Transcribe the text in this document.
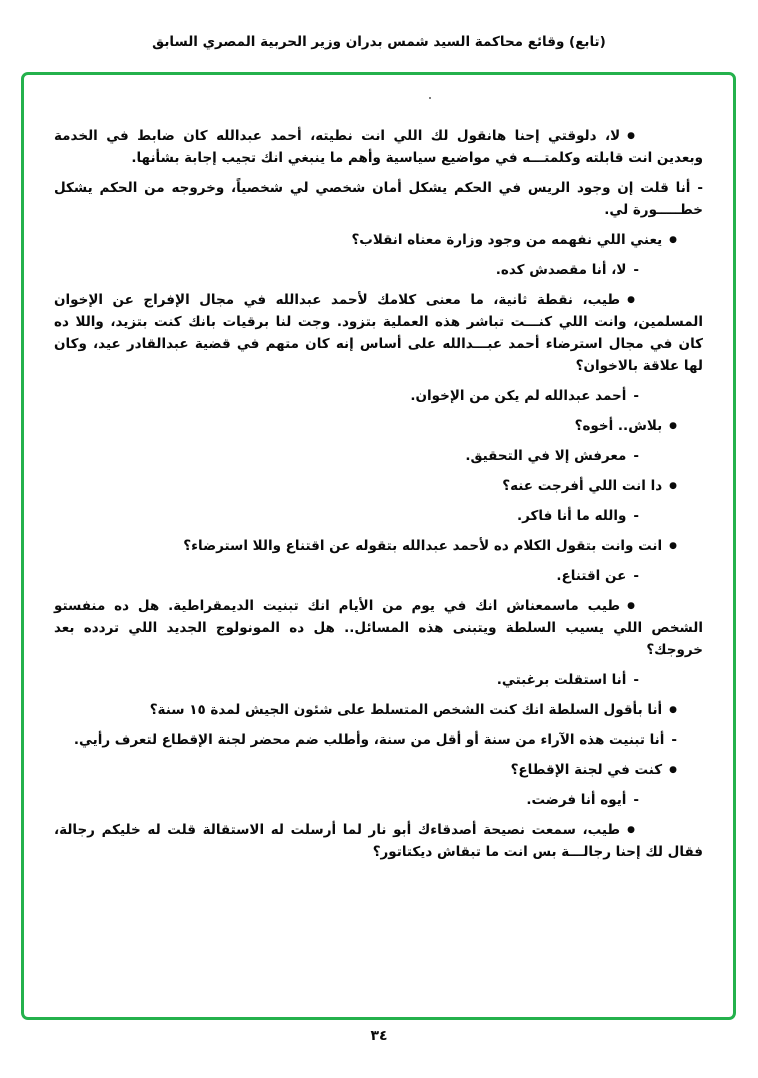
(تابع) وقائع محاكمة السيد شمس بدران وزير الحربية المصري السابق

●لا، دلوقتي إحنا هانقول لك اللي انت نطيته، أحمد عبدالله كان ضابط في الخدمة وبعدين انت قابلته وكلمتـــه في مواضيع سياسية وأهم ما ينبغي انك تجيب إجابة بشأنها.

-أنا قلت إن وجود الريس في الحكم يشكل أمان شخصي لي شخصياً، وخروجه من الحكم يشكل خطـــــورة لي.

●يعني اللي نفهمه من وجود وزارة معناه انقلاب؟

-لا، أنا مقصدش كده.

●طيب، نقطة ثانية، ما معنى كلامك لأحمد عبدالله في مجال الإفراج عن الإخوان المسلمين، وانت اللي كنـــت تباشر هذه العملية بتزود. وجت لنا برقيات بانك كنت بتزيد، واللا ده كان في مجال استرضاء أحمد عبـــدالله على أساس إنه كان متهم في قضية عبدالقادر عيد، وكان لها علاقة بالاخوان؟

-أحمد عبدالله لم يكن من الإخوان.

●بلاش.. أخوه؟

-معرفش إلا في التحقيق.

●دا انت اللي أفرجت عنه؟

-والله ما أنا فاكر.

●انت وانت بتقول الكلام ده لأحمد عبدالله بتقوله عن اقتناع واللا استرضاء؟

-عن اقتناع.

●طيب ماسمعناش انك في يوم من الأيام انك تبنيت الديمقراطية. هل ده منفستو الشخص اللي يسيب السلطة ويتبنى هذه المسائل.. هل ده المونولوج الجديد اللي تردده بعد خروجك؟

-أنا استقلت برغبتي.

●أنا بأقول السلطة انك كنت الشخص المتسلط على شئون الجيش لمدة ١٥ سنة؟

-أنا تبنيت هذه الآراء من سنة أو أقل من سنة، وأطلب ضم محضر لجنة الإقطاع لتعرف رأيي.

●كنت في لجنة الإقطاع؟

-أيوه أنا فرضت.

●طيب، سمعت نصيحة أصدقاءك أبو نار لما أرسلت له الاستقالة قلت له خليكم رجالة، فقال لك إحنا رجالـــة بس انت ما تبقاش ديكتاتور؟

٣٤
